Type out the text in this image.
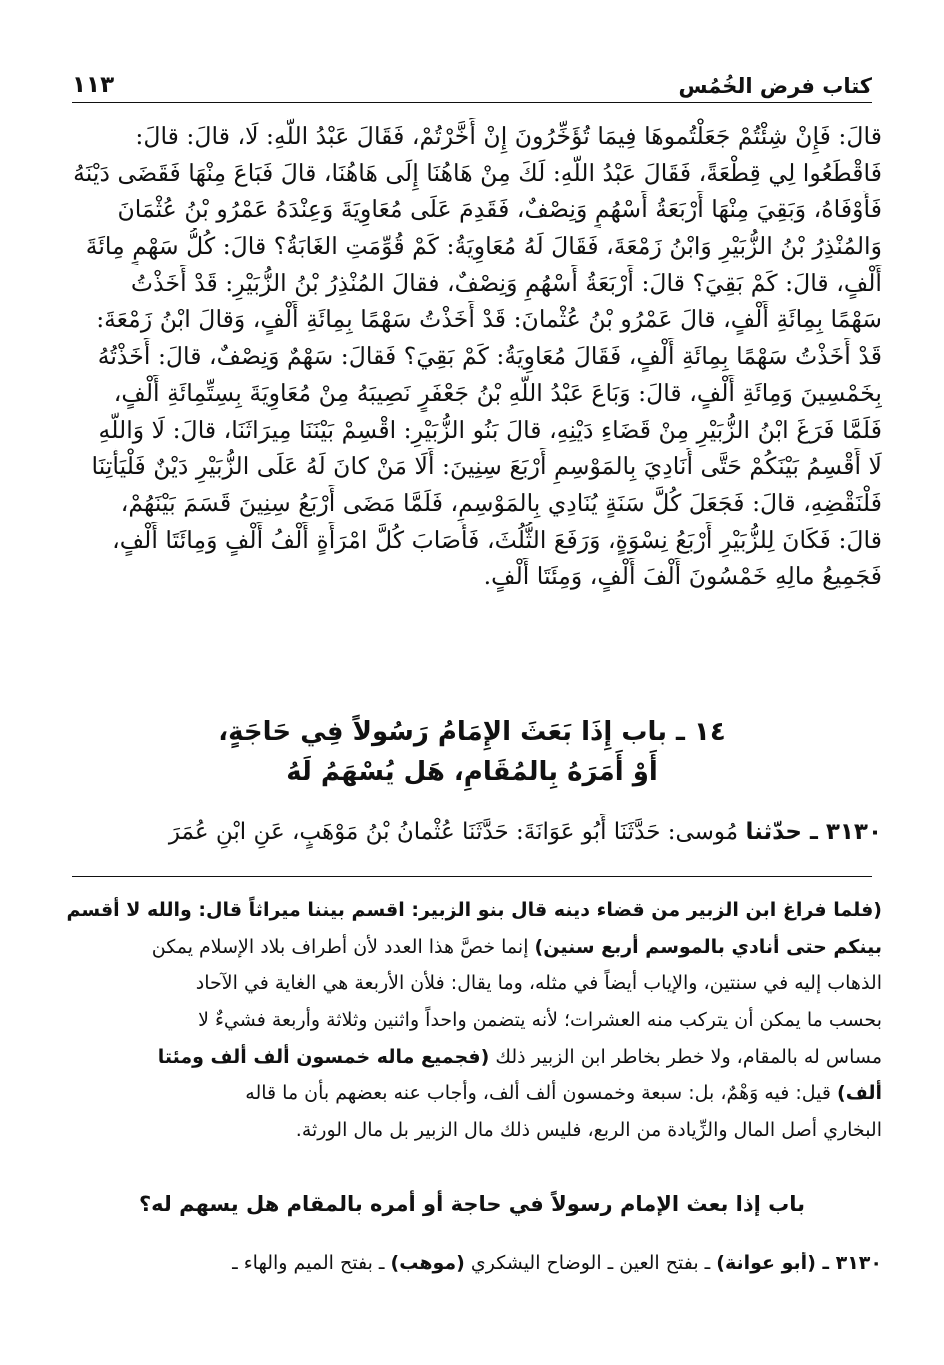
كتاب فرض الخُمُس
١١٣
قالَ: فَإِنْ شِئْتُمْ جَعَلْتُموهَا فِيمَا تُؤَخِّرُونَ إِنْ أَخَّرْتُمْ، فَقَالَ عَبْدُ اللَّهِ: لَا، قالَ: قالَ:
فَاقْطَعُوا لِي قِطْعَةً، فَقَالَ عَبْدُ اللَّهِ: لَكَ مِنْ هَاهُنَا إِلَى هَاهُنَا، قالَ فَبَاعَ مِنْهَا فَقَضَى دَيْنَهُ
فَأَوْفَاهُ، وَبَقِيَ مِنْهَا أَرْبَعَةُ أَسْهُمٍ وَنِصْفٌ، فَقَدِمَ عَلَى مُعَاوِيَةَ وَعِنْدَهُ عَمْرُو بْنُ عُثْمَانَ
وَالمُنْذِرُ بْنُ الزُّبَيْرِ وَابْنُ زَمْعَةَ، فَقَالَ لَهُ مُعَاوِيَةُ: كَمْ قُوِّمَتِ الغَابَةُ؟ قالَ: كُلُّ سَهْمٍ مِائَةَ
أَلْفٍ، قالَ: كَمْ بَقِيَ؟ قالَ: أَرْبَعَةُ أَسْهُمٍ وَنِصْفٌ، فقالَ المُنْذِرُ بْنُ الزُّبَيْرِ: قَدْ أَخَذْتُ
سَهْمًا بِمِائَةِ أَلْفٍ، قالَ عَمْرُو بْنُ عُثْمانَ: قَدْ أَخَذْتُ سَهْمًا بِمِائَةِ أَلْفٍ، وَقالَ ابْنُ زَمْعَةَ:
قَدْ أَخَذْتُ سَهْمًا بِمِائَةِ أَلْفٍ، فَقَالَ مُعَاوِيَةُ: كَمْ بَقِيَ؟ فَقالَ: سَهْمٌ وَنِصْفٌ، قالَ: أَخَذْتُهُ
بِخَمْسِينَ وَمِائَةِ أَلْفٍ، قالَ: وَبَاعَ عَبْدُ اللَّهِ بْنُ جَعْفَرٍ نَصِيبَهُ مِنْ مُعَاوِيَةَ بِسِتِّمِائَةِ أَلْفٍ،
فَلَمَّا فَرَغَ ابْنُ الزُّبَيْرِ مِنْ قَضَاءِ دَيْنِهِ، قالَ بَنُو الزُّبَيْرِ: اقْسِمْ بَيْنَنَا مِيرَاثَنَا، قالَ: لَا وَاللَّهِ
لَا أَقْسِمُ بَيْنَكُمْ حَتَّى أُنَادِيَ بِالمَوْسِمِ أَرْبَعَ سِنِينَ: أَلَا مَنْ كانَ لَهُ عَلَى الزُّبَيْرِ دَيْنٌ فَلْيَأْتِنَا
فَلْنَقْضِهِ، قالَ: فَجَعَلَ كُلَّ سَنَةٍ يُنَادِي بِالمَوْسِمِ، فَلَمَّا مَضَى أَرْبَعُ سِنِينَ قَسَمَ بَيْنَهُمْ،
قالَ: فَكَانَ لِلزُّبَيْرِ أَرْبَعُ نِسْوَةٍ، وَرَفَعَ الثُّلُثَ، فَأَصَابَ كُلَّ امْرَأَةٍ أَلْفُ أَلْفٍ وَمِائَتَا أَلْفٍ،
فَجَمِيعُ مالِهِ خَمْسُونَ أَلْفَ أَلْفٍ، وَمِئَتَا أَلْفٍ.
١٤ ـ باب إِذَا بَعَثَ الإِمَامُ رَسُولاً فِي حَاجَةٍ،
أَوْ أَمَرَهُ بِالمُقَامِ، هَل يُسْهَمُ لَهُ
٣١٣٠ ـ حدّثنا مُوسى: حَدَّثَنَا أَبُو عَوَانَةَ: حَدَّثَنَا عُثْمانُ بْنُ مَوْهَبٍ، عَنِ ابْنِ عُمَرَ
(فلما فراغ ابن الزبير من قضاء دينه قال بنو الزبير: اقسم بيننا ميراثاً قال: والله لا أقسم
بينكم حتى أنادي بالموسم أربع سنين) إنما خصَّ هذا العدد لأن أطراف بلاد الإسلام يمكن
الذهاب إليه في سنتين، والإياب أيضاً في مثله، وما يقال: فلأن الأربعة هي الغاية في الآحاد
بحسب ما يمكن أن يتركب منه العشرات؛ لأنه يتضمن واحداً واثنين وثلاثة وأربعة فشيءٌ لا
مساس له بالمقام، ولا خطر بخاطر ابن الزبير ذلك (فجميع ماله خمسون ألف ألف ومئتا
ألف) قيل: فيه وَهْمٌ، بل: سبعة وخمسون ألف ألف، وأجاب عنه بعضهم بأن ما قاله
البخاري أصل المال والزِّيادة من الربع، فليس ذلك مال الزبير بل مال الورثة.
باب إذا بعث الإمام رسولاً في حاجة أو أمره بالمقام هل يسهم له؟
٣١٣٠ ـ (أبو عوانة) ـ بفتح العين ـ الوضاح اليشكري (موهب) ـ بفتح الميم والهاء ـ
